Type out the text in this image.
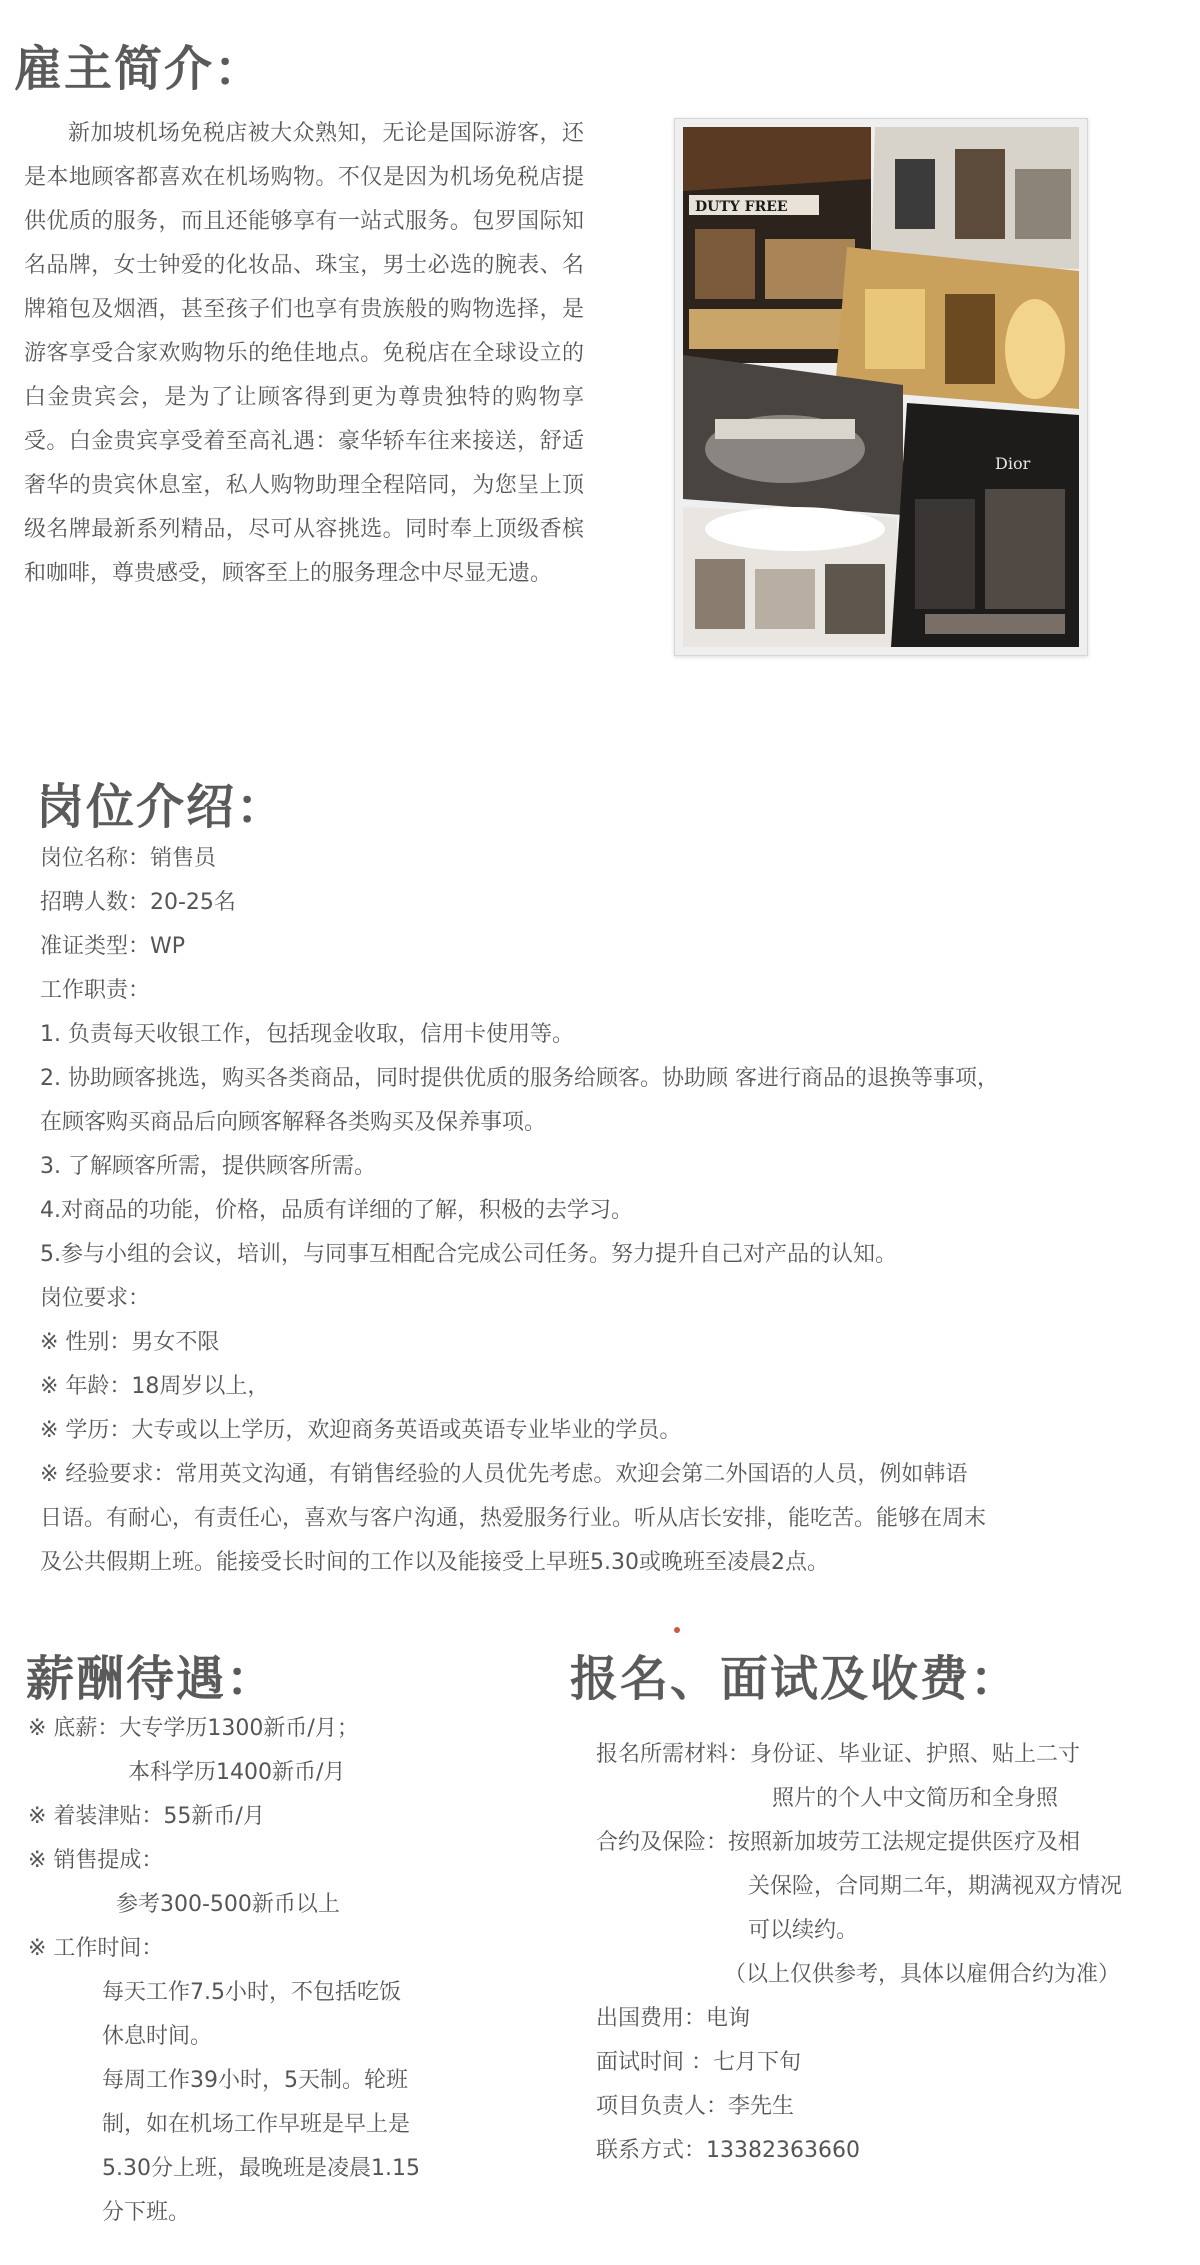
雇主简介：

新加坡机场免税店被大众熟知，无论是国际游客，还是本地顾客都喜欢在机场购物。不仅是因为机场免税店提供优质的服务，而且还能够享有一站式服务。包罗国际知名品牌，女士钟爱的化妆品、珠宝，男士必选的腕表、名牌箱包及烟酒，甚至孩子们也享有贵族般的购物选择，是游客享受合家欢购物乐的绝佳地点。免税店在全球设立的白金贵宾会，是为了让顾客得到更为尊贵独特的购物享受。白金贵宾享受着至高礼遇：豪华轿车往来接送，舒适奢华的贵宾休息室，私人购物助理全程陪同，为您呈上顶级名牌最新系列精品，尽可从容挑选。同时奉上顶级香槟和咖啡，尊贵感受，顾客至上的服务理念中尽显无遗。

DUTY FREE
Dior
岗位介绍：
岗位名称：销售员
招聘人数：20-25名
准证类型：WP
工作职责：
1. 负责每天收银工作，包括现金收取，信用卡使用等。
2. 协助顾客挑选，购买各类商品，同时提供优质的服务给顾客。协助顾 客进行商品的退换等事项，
在顾客购买商品后向顾客解释各类购买及保养事项。
3. 了解顾客所需，提供顾客所需。
4.对商品的功能，价格，品质有详细的了解，积极的去学习。
5.参与小组的会议，培训，与同事互相配合完成公司任务。努力提升自己对产品的认知。
岗位要求：
※ 性别：男女不限
※ 年龄：18周岁以上，
※ 学历：大专或以上学历，欢迎商务英语或英语专业毕业的学员。
※ 经验要求：常用英文沟通，有销售经验的人员优先考虑。欢迎会第二外国语的人员，例如韩语
日语。有耐心，有责任心，喜欢与客户沟通，热爱服务行业。听从店长安排，能吃苦。能够在周末
及公共假期上班。能接受长时间的工作以及能接受上早班5.30或晚班至凌晨2点。
薪酬待遇：
※ 底薪：大专学历1300新币/月；
本科学历1400新币/月
※ 着装津贴：55新币/月
※ 销售提成：
参考300-500新币以上
※ 工作时间：
每天工作7.5小时，不包括吃饭
休息时间。
每周工作39小时，5天制。轮班
制，如在机场工作早班是早上是
5.30分上班，最晚班是凌晨1.15
分下班。
报名、面试及收费：
报名所需材料：身份证、毕业证、护照、贴上二寸
照片的个人中文简历和全身照
合约及保险：按照新加坡劳工法规定提供医疗及相
关保险，合同期二年，期满视双方情况
可以续约。
（以上仅供参考，具体以雇佣合约为准）
出国费用：电询
面试时间 ：七月下旬
项目负责人：李先生
联系方式：13382363660
